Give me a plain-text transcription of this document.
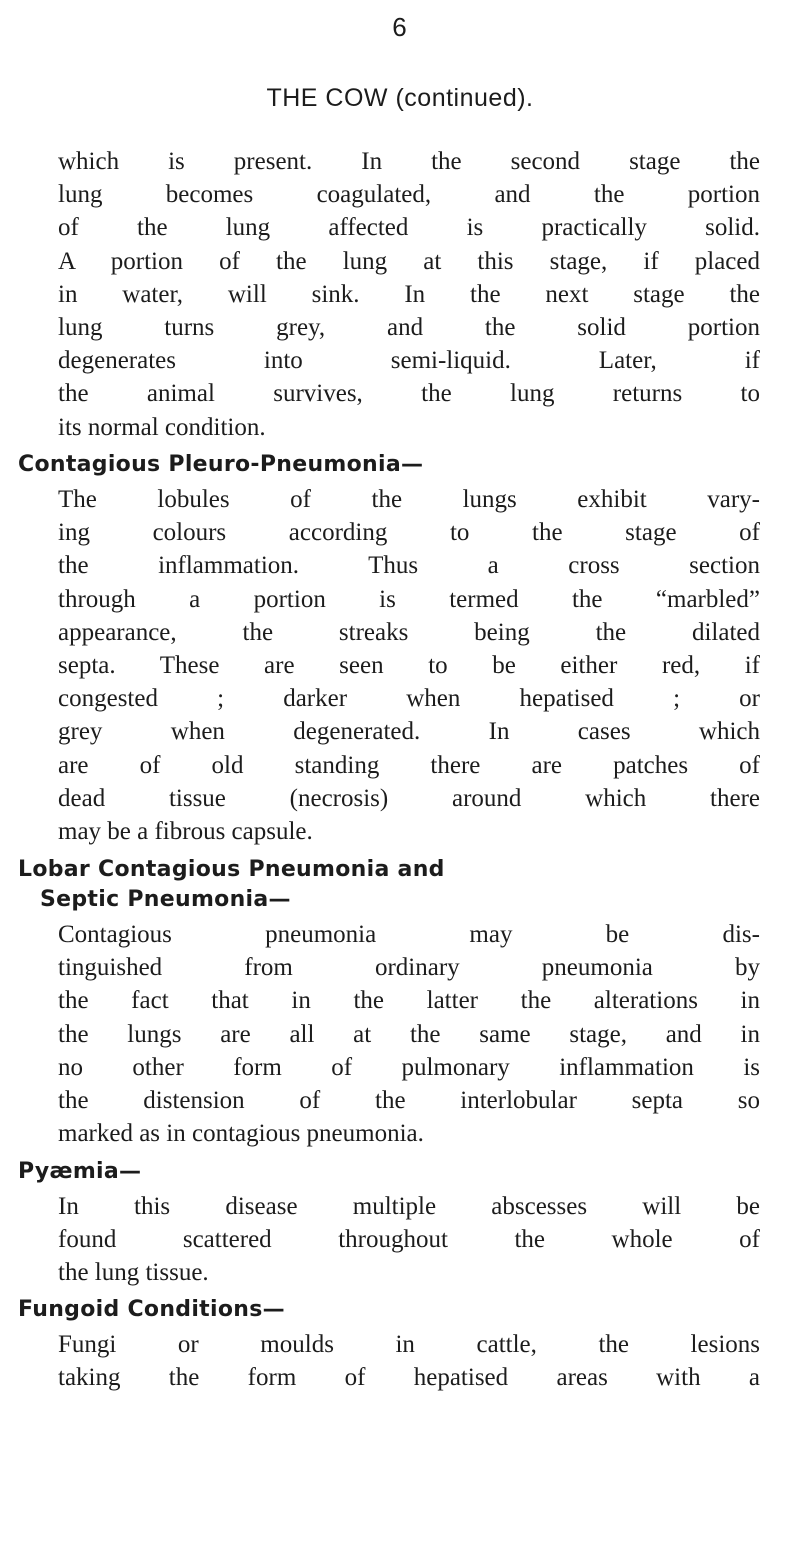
6
THE COW (continued).

which is present. In the second stage the
lung becomes coagulated, and the portion
of the lung affected is practically solid.
A portion of the lung at this stage, if placed
in water, will sink. In the next stage the
lung turns grey, and the solid portion
degenerates into semi-liquid. Later, if
the animal survives, the lung returns to
its normal condition.

Contagious Pleuro-Pneumonia—

The lobules of the lungs exhibit vary-
ing colours according to the stage of
the inflammation. Thus a cross section
through a portion is termed the “marbled”
appearance, the streaks being the dilated
septa. These are seen to be either red, if
congested ; darker when hepatised ; or
grey when degenerated. In cases which
are of old standing there are patches of
dead tissue (necrosis) around which there
may be a fibrous capsule.

Lobar Contagious Pneumonia and
Septic Pneumonia—

Contagious pneumonia may be dis-
tinguished from ordinary pneumonia by
the fact that in the latter the alterations in
the lungs are all at the same stage, and in
no other form of pulmonary inflammation is
the distension of the interlobular septa so
marked as in contagious pneumonia.

Pyæmia—

In this disease multiple abscesses will be
found scattered throughout the whole of
the lung tissue.

Fungoid Conditions—

Fungi or moulds in cattle, the lesions
taking the form of hepatised areas with a
